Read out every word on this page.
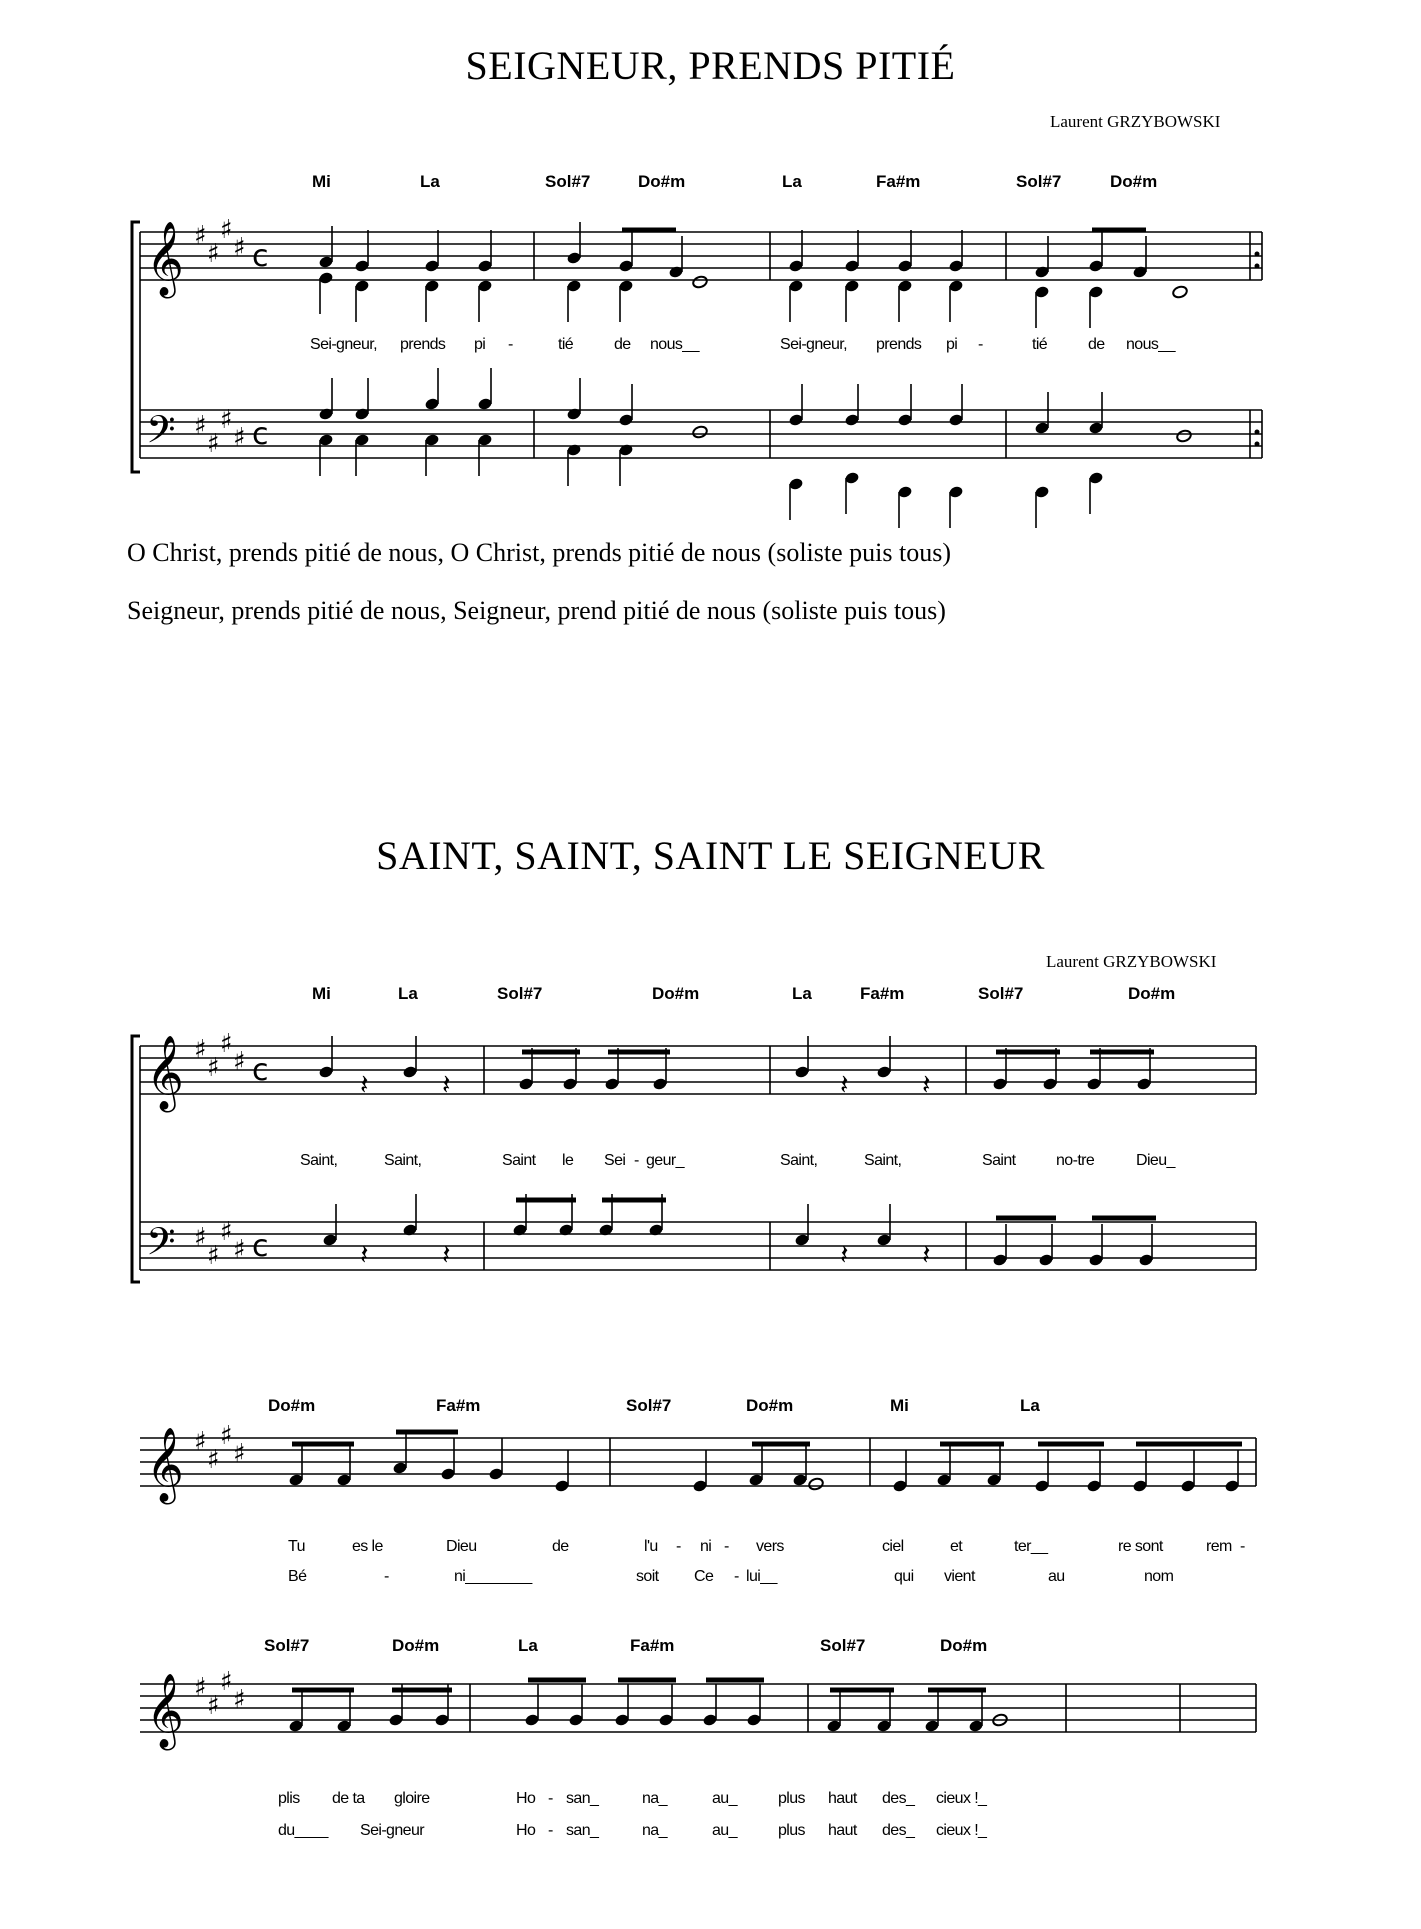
SEIGNEUR, PRENDS PITIÉ
Laurent GRZYBOWSKI
Mi	La	Sol#7	Do#m	La	Fa#m	Sol#7	Do#m
Sei-gneur, prends pi -	tié	de nous__	Sei-gneur, prends pi -	tié	de nous__
O Christ, prends pitié de nous, O Christ, prends pitié de nous (soliste puis tous)
Seigneur, prends pitié de nous, Seigneur, prend pitié de nous (soliste puis tous)
SAINT, SAINT, SAINT LE SEIGNEUR
Laurent GRZYBOWSKI
Mi	La	Sol#7	Do#m	La	Fa#m	Sol#7	Do#m
Saint,	Saint,	Saint le Sei - geur_	Saint,	Saint,	Saint	no-tre	Dieu_
Do#m	Fa#m	Sol#7	Do#m	Mi	La
Tu	es le	Dieu	de	l'u - ni - vers	ciel	et	ter__	re sont	rem -
Bé	-	ni________	soit Ce - lui__	qui vient	au	nom
Sol#7	Do#m	La	Fa#m	Sol#7	Do#m
plis de ta gloire	Ho - san_	na_	au_	plus haut des_ cieux !_
du____ Sei-gneur	Ho - san_	na_	au_	plus haut des_ cieux !_
𝄞 ♯
♯
♯
♯ c
𝄢 ♯
♯
♯
♯ c
𝄞 ♯
♯
♯
♯ c
𝄢 ♯
♯
♯
♯ c
𝄽	𝄽	𝄽	𝄽
𝄽	𝄽	𝄽	𝄽
𝄞 ♯
♯
♯
♯
𝄞 ♯
♯
♯
♯
